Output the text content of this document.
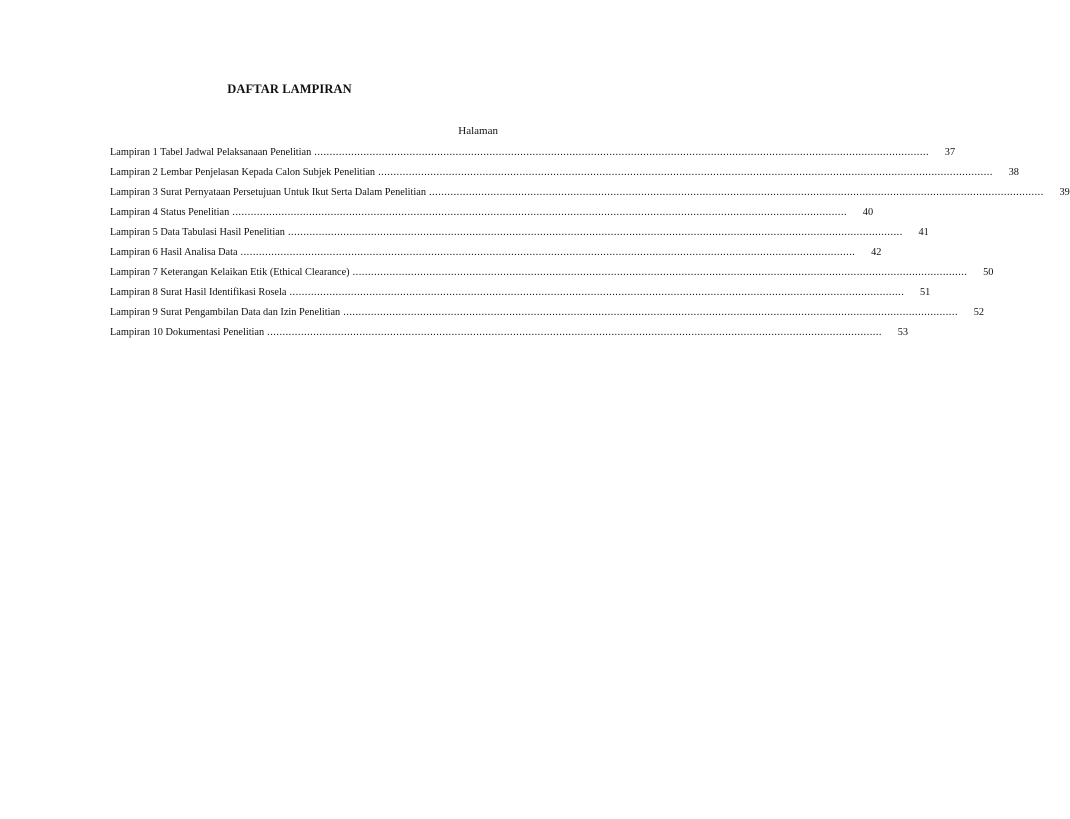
DAFTAR LAMPIRAN
Halaman
Lampiran 1 Tabel Jadwal Pelaksanaan Penelitian ........................................................................................................................................................................................................	37
Lampiran 2 Lembar Penjelasan Kepada Calon Subjek Penelitian ........................................................................................................................................................................................................	38
Lampiran 3 Surat Pernyataan Persetujuan Untuk Ikut Serta Dalam Penelitian ........................................................................................................................................................................................................	39
Lampiran 4 Status Penelitian ........................................................................................................................................................................................................	40
Lampiran 5 Data Tabulasi Hasil Penelitian ........................................................................................................................................................................................................	41
Lampiran 6 Hasil Analisa Data ........................................................................................................................................................................................................	42
Lampiran 7 Keterangan Kelaikan Etik (Ethical Clearance) ........................................................................................................................................................................................................	50
Lampiran 8 Surat Hasil Identifikasi Rosela ........................................................................................................................................................................................................	51
Lampiran 9 Surat Pengambilan Data dan Izin Penelitian ........................................................................................................................................................................................................	52
Lampiran 10 Dokumentasi Penelitian ........................................................................................................................................................................................................	53
